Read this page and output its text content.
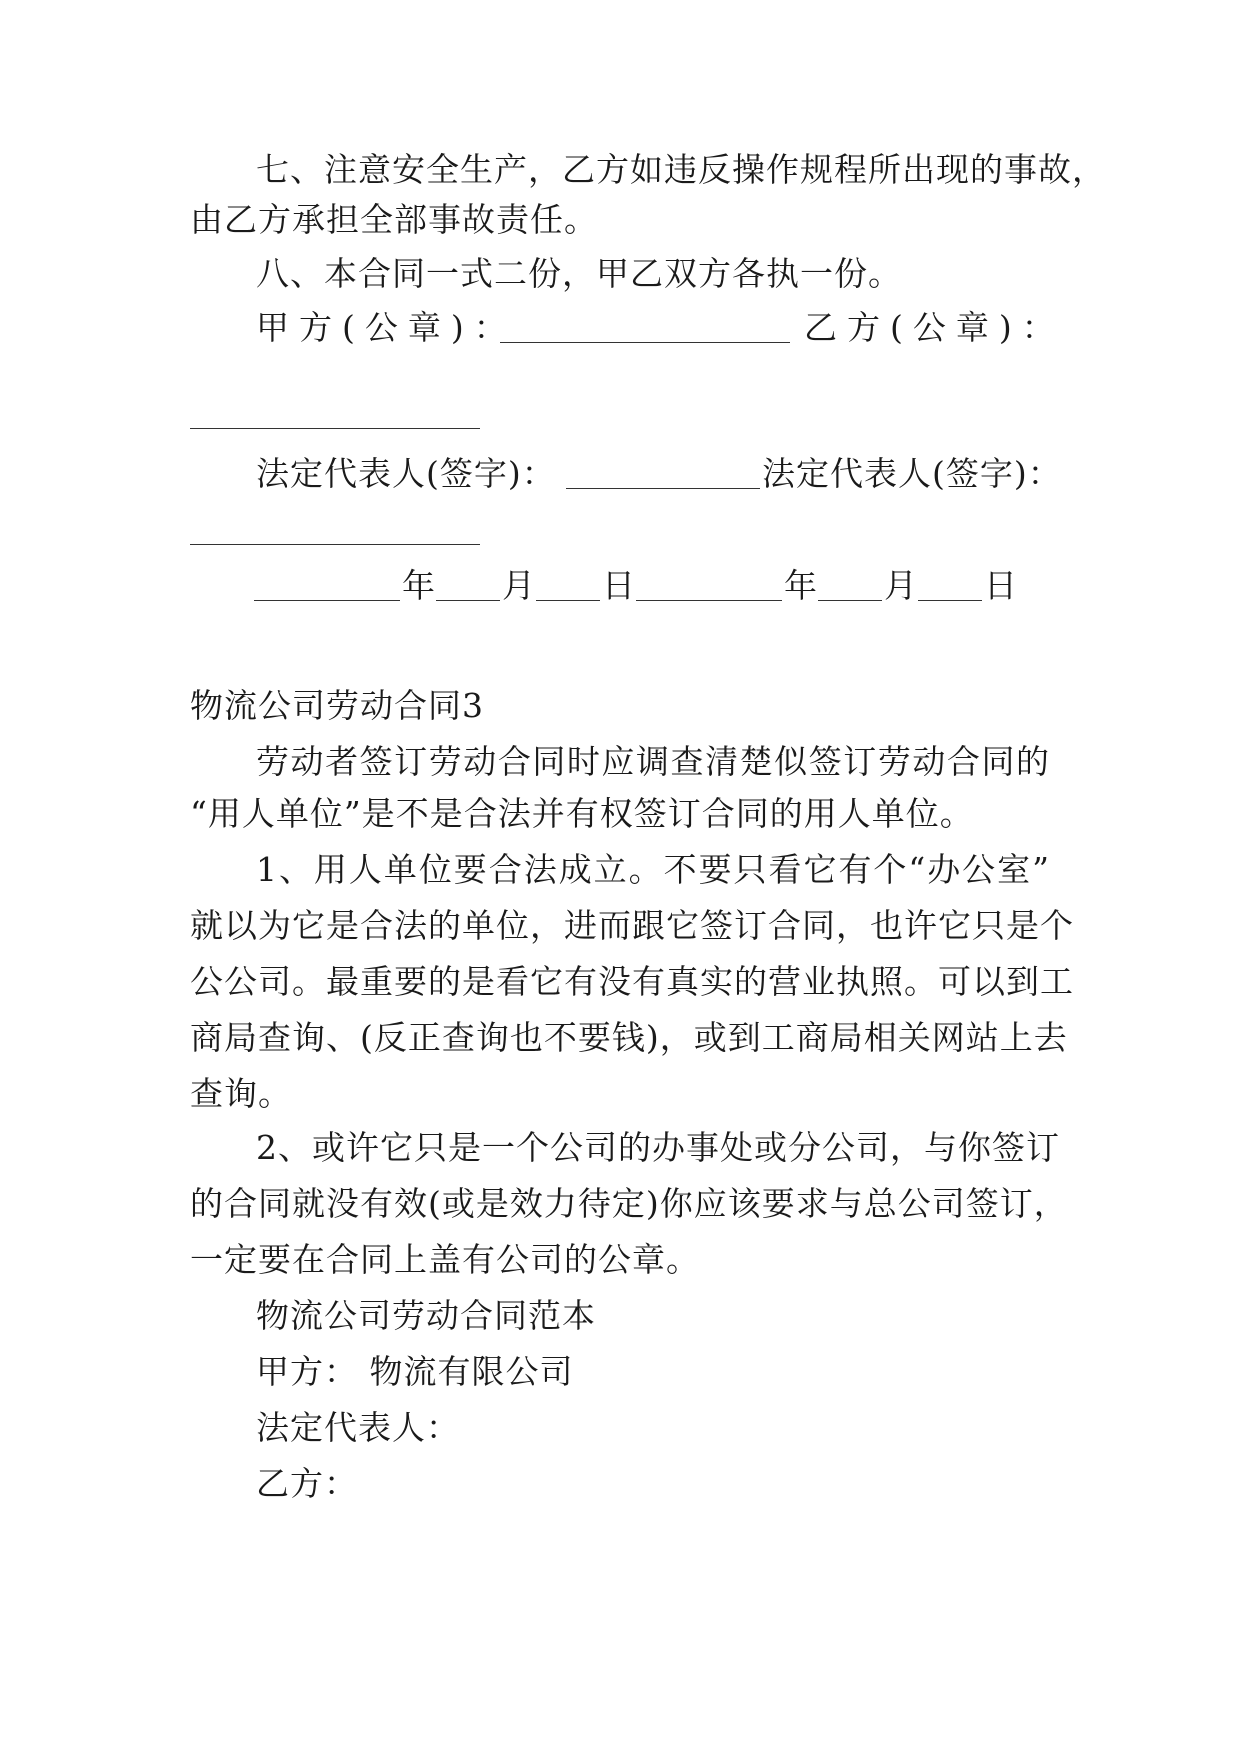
七、注意安全生产，乙方如违反操作规程所出现的事故，
由乙方承担全部事故责任。
八、本合同一式二份，甲乙双方各执一份。
甲方(公章)：	乙方(公章)：
法定代表人(签字)：	法定代表人(签字)：
年 月 日	年 月 日
物流公司劳动合同3
劳动者签订劳动合同时应调查清楚似签订劳动合同的
“用人单位”是不是合法并有权签订合同的用人单位。
1、用人单位要合法成立。不要只看它有个“办公室”
就以为它是合法的单位，进而跟它签订合同，也许它只是个
公公司。最重要的是看它有没有真实的营业执照。可以到工
商局查询、(反正查询也不要钱)，或到工商局相关网站上去
查询。
2、或许它只是一个公司的办事处或分公司，与你签订
的合同就没有效(或是效力待定)你应该要求与总公司签订，
一定要在合同上盖有公司的公章。
物流公司劳动合同范本
甲方： 物流有限公司
法定代表人：
乙方：
